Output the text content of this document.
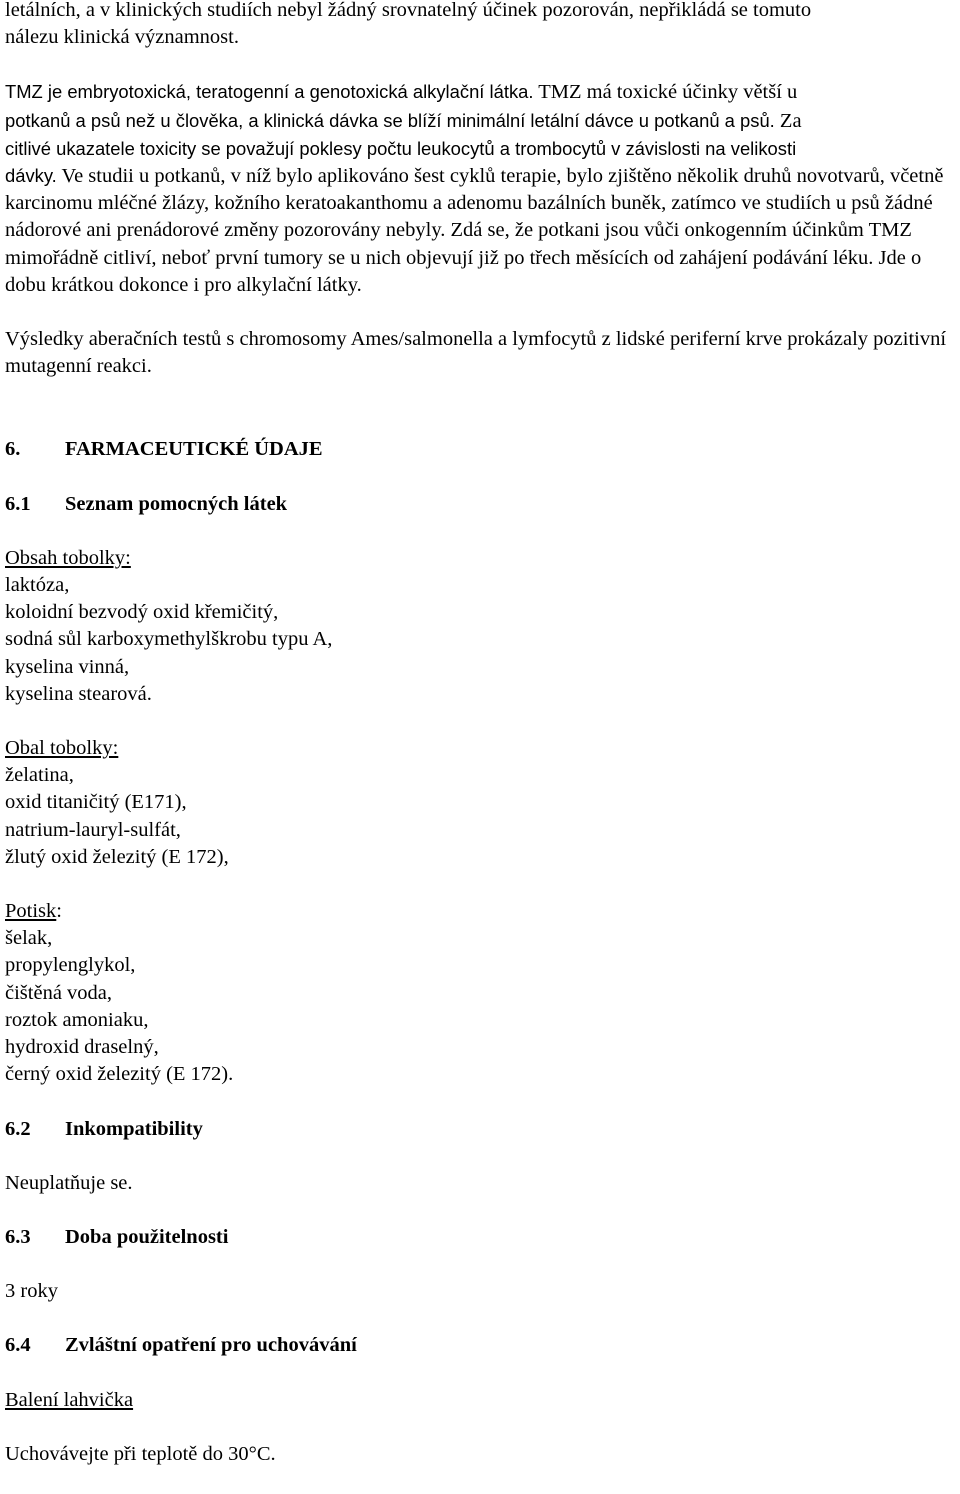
letálních, a v klinických studiích nebyl žádný srovnatelný účinek pozorován, nepřikládá se tomuto
nálezu klinická významnost.

TMZ je embryotoxická, teratogenní a genotoxická alkylační látka. TMZ má toxické účinky větší u
potkanů a psů než u člověka, a klinická dávka se blíží minimální letální dávce u potkanů a psů. Za
citlivé ukazatele toxicity se považují poklesy počtu leukocytů a trombocytů v závislosti na velikosti
dávky. Ve studii u potkanů, v níž bylo aplikováno šest cyklů terapie, bylo zjištěno několik druhů novotvarů, včetně karcinomu mléčné žlázy, kožního keratoakanthomu a adenomu bazálních buněk, zatímco ve studiích u psů žádné nádorové ani prenádorové změny pozorovány nebyly. Zdá se, že potkani jsou vůči onkogenním účinkům TMZ mimořádně citliví, neboť první tumory se u nich objevují již po třech měsících od zahájení podávání léku. Jde o dobu krátkou dokonce i pro alkylační látky.

Výsledky aberačních testů s chromosomy Ames/salmonella a lymfocytů z lidské periferní krve prokázaly pozitivní mutagenní reakci.

6. FARMACEUTICKÉ ÚDAJE

6.1 Seznam pomocných látek

Obsah tobolky:
laktóza,
koloidní bezvodý oxid křemičitý,
sodná sůl karboxymethylškrobu typu A,
kyselina vinná,
kyselina stearová.
Obal tobolky:
želatina,
oxid titaničitý (E171),
natrium-lauryl-sulfát,
žlutý oxid železitý (E 172),
Potisk:
šelak,
propylenglykol,
čištěná voda,
roztok amoniaku,
hydroxid draselný,
černý oxid železitý (E 172).

6.2 Inkompatibility

Neuplatňuje se.

6.3 Doba použitelnosti

3 roky

6.4 Zvláštní opatření pro uchovávání

Balení lahvička

Uchovávejte při teplotě do 30°C.
